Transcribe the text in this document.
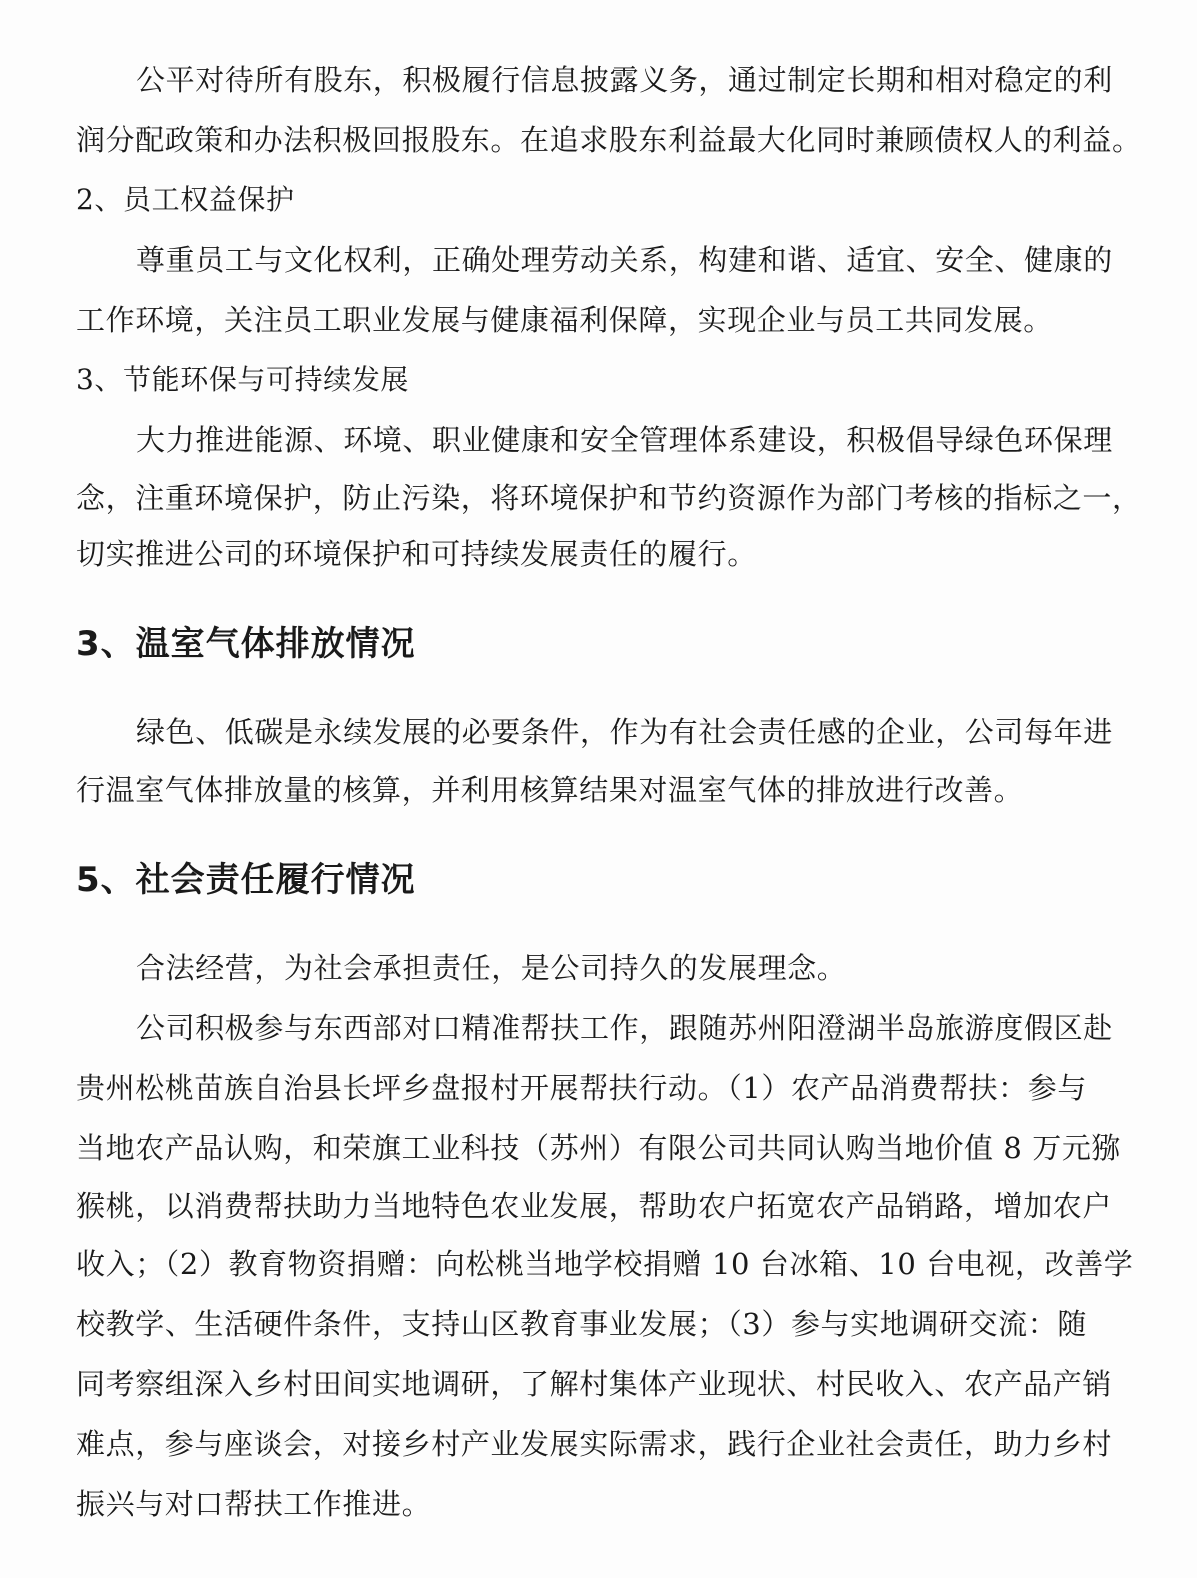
公平对待所有股东，积极履行信息披露义务，通过制定长期和相对稳定的利
润分配政策和办法积极回报股东。在追求股东利益最大化同时兼顾债权人的利益。
2、员工权益保护
尊重员工与文化权利，正确处理劳动关系，构建和谐、适宜、安全、健康的
工作环境，关注员工职业发展与健康福利保障，实现企业与员工共同发展。
3、节能环保与可持续发展
大力推进能源、环境、职业健康和安全管理体系建设，积极倡导绿色环保理
念，注重环境保护，防止污染，将环境保护和节约资源作为部门考核的指标之一，
切实推进公司的环境保护和可持续发展责任的履行。
3、温室气体排放情况
绿色、低碳是永续发展的必要条件，作为有社会责任感的企业，公司每年进
行温室气体排放量的核算，并利用核算结果对温室气体的排放进行改善。
5、社会责任履行情况
合法经营，为社会承担责任，是公司持久的发展理念。
公司积极参与东西部对口精准帮扶工作，跟随苏州阳澄湖半岛旅游度假区赴
贵州松桃苗族自治县长坪乡盘报村开展帮扶行动。（1）农产品消费帮扶：参与
当地农产品认购，和荣旗工业科技（苏州）有限公司共同认购当地价值 8 万元猕
猴桃，以消费帮扶助力当地特色农业发展，帮助农户拓宽农产品销路，增加农户
收入；（2）教育物资捐赠：向松桃当地学校捐赠 10 台冰箱、10 台电视，改善学
校教学、生活硬件条件，支持山区教育事业发展；（3）参与实地调研交流：随
同考察组深入乡村田间实地调研，了解村集体产业现状、村民收入、农产品产销
难点，参与座谈会，对接乡村产业发展实际需求，践行企业社会责任，助力乡村
振兴与对口帮扶工作推进。
